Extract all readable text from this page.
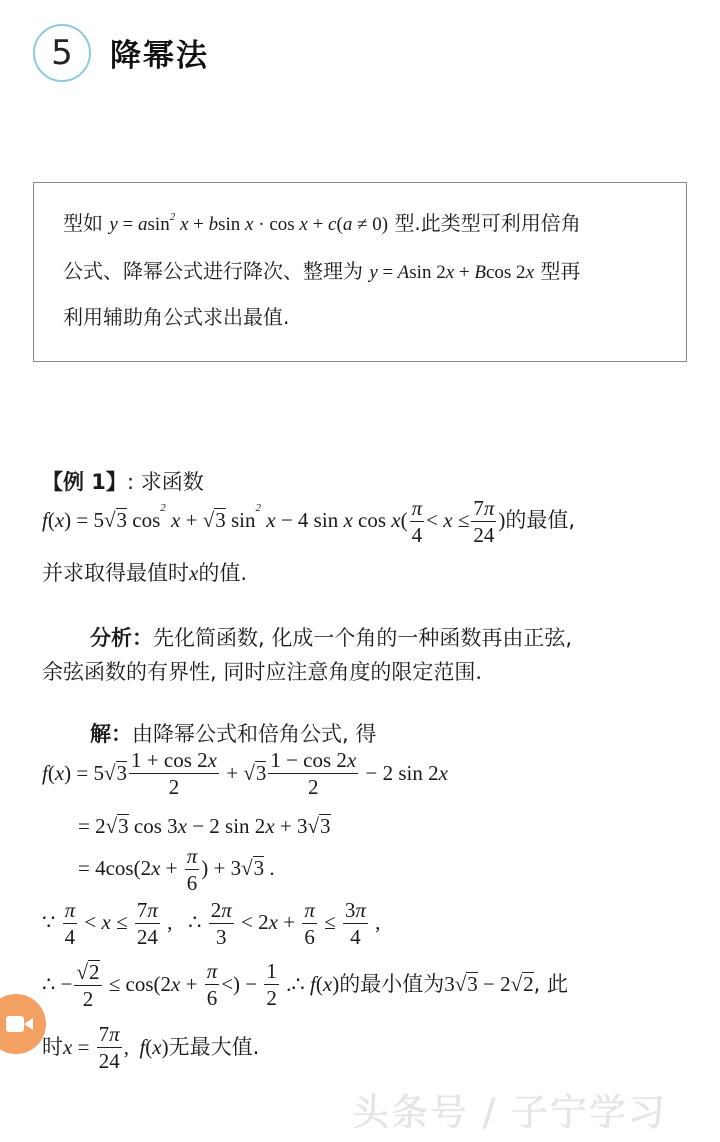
5 降幂法
型如 y = asin$^2$ x + bsin x · cos x + c(a ≠ 0) 型.此类型可利用倍角
公式、降幂公式进行降次、整理为 y = Asin 2x + Bcos 2x 型再
利用辅助角公式求出最值.
【例 1】: 求函数
f(x) = 5√3 $\cos^2 x + √3$ $\sin^2 x - 4$ sin x $\cos x( \frac{\pi}{4} < x \le \frac{7\pi}{24}$ )的最值,
并求取得最值时x的值.
分析：先化简函数, 化成一个角的一种函数再由正弦,
余弦函数的有界性, 同时应注意角度的限定范围.
解：由降幂公式和倍角公式, 得
$f(x) = 5√3 \frac{1 + \cos 2x}{2} + √3 \frac{1 - \cos 2x}{2} - 2$ sin 2x
= 2√3 cos 3x − 2 sin 2x + 3√3
= $4\cos(2x + \frac{\pi}{6}$ ) + 3√3 .
∵ $\frac{\pi}{4} < x \le \frac{7\pi}{24}$ ,   ∴ $\frac{2\pi}{3} < 2x + \frac{\pi}{6} \le \frac{3\pi}{4}$ ,
∴ − $\frac{√2}{2} \le \cos(2x + \frac{\pi}{6}$ <) − $\frac{1}{2}$ .∴ f(x)的最小值为3√3 − 2√2, 此
时$x = \frac{7\pi}{24}$ ,  f(x)无最大值.
头条号 / 子宁学习
